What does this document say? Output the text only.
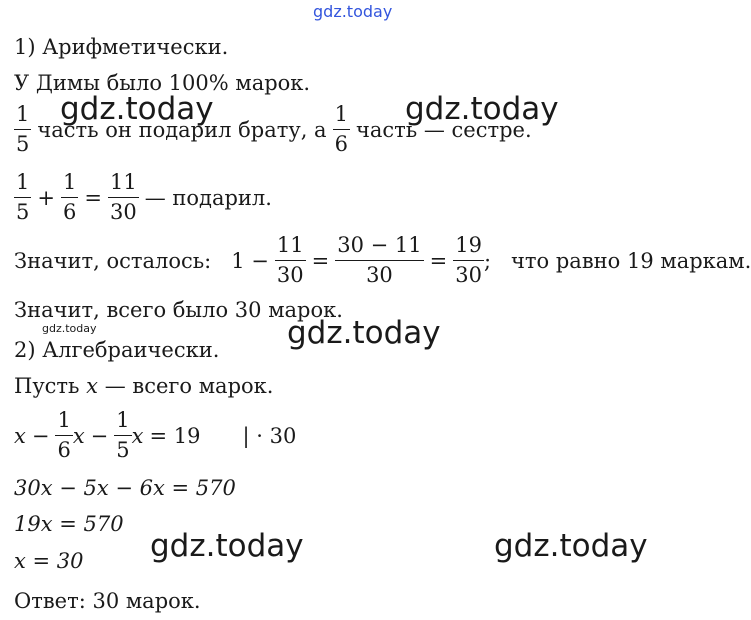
gdz.today
1) Арифметически.
У Димы было 100% марок.
$\frac{1}{5}$ часть он подарил брату, а $\frac{1}{6}$ часть — сестре.
$\frac{1}{5} + \frac{1}{6} = \frac{11}{30}$ — подарил.
Значит, осталось: $1 - \frac{11}{30} = \frac{30 - 11}{30} = \frac{19}{30}$ ; что равно 19 маркам.
Значит, всего было 30 марок.
2) Алгебраически.
Пусть x — всего марок.
$x - \frac{1}{6}$ $x - \frac{1}{5}$ x = 19 | · 30
30x − 5x − 6x = 570
19x = 570
x = 30
Ответ: 30 марок.
gdz.today	gdz.today
gdz.today
gdz.today	gdz.today
gdz.today
